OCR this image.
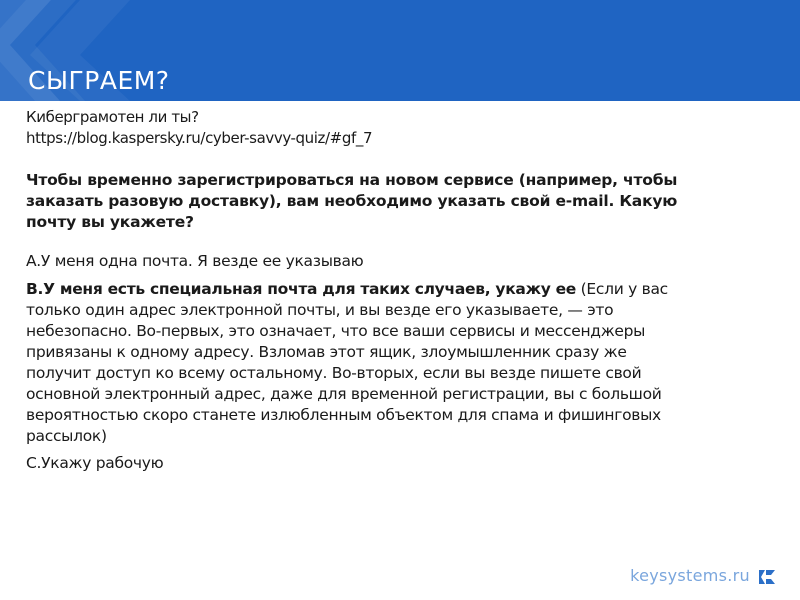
СЫГРАЕМ?
Киберграмотен ли ты?
https://blog.kaspersky.ru/cyber-savvy-quiz/#gf_7
Чтобы временно зарегистрироваться на новом сервисе (например, чтобы заказать разовую доставку), вам необходимо указать свой e-mail. Какую почту вы укажете?
А.У меня одна почта. Я везде ее указываю
В.У меня есть специальная почта для таких случаев, укажу ее (Если у вас только один адрес электронной почты, и вы везде его указываете, — это небезопасно. Во-первых, это означает, что все ваши сервисы и мессенджеры привязаны к одному адресу. Взломав этот ящик, злоумышленник сразу же получит доступ ко всему остальному. Во-вторых, если вы везде пишете свой основной электронный адрес, даже для временной регистрации, вы с большой вероятностью скоро станете излюбленным объектом для спама и фишинговых рассылок)
С.Укажу рабочую
keysystems.ru
